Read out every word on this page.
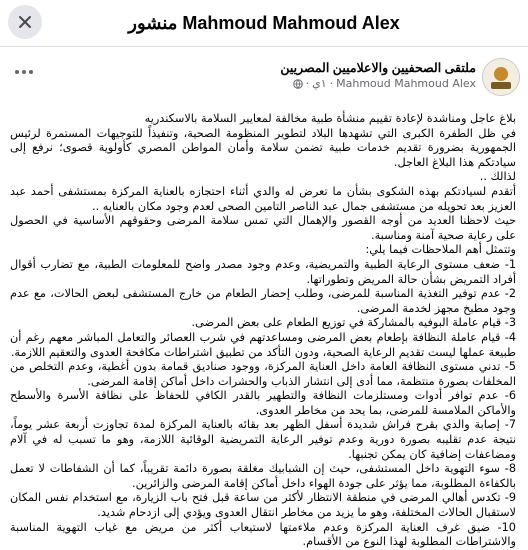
منشور Mahmoud Mahmoud Alex
ملتقى الصحفيين والاعلاميين المصريين
Mahmoud Mahmoud Alex
·
١ي
·

بلاغ عاجل ومناشدة لإعادة تقييم منشأة طبية مخالفة لمعايير السلامة بالاسكندريه

في ظل الطفرة الكبرى التي تشهدها البلاد لتطوير المنظومة الصحية، وتنفيذاً للتوجيهات المستمرة لرئيس الجمهورية بضرورة تقديم خدمات طبية تضمن سلامة وأمان المواطن المصري كأولوية قصوى؛ نرفع إلى سيادتكم هذا البلاغ العاجل.

لذالك ..

أتقدم لسيادتكم بهذه الشكوى بشأن ما تعرض له والدي أثناء احتجازه بالعناية المركزة بمستشفى أحمد عبد العزيز بعد تحويله من مستشفى جمال عبد الناصر التامين الصحى لعدم وجود مكان بالعنايه ..

حيث لاحظنا العديد من أوجه القصور والإهمال التي تمس سلامة المرضى وحقوقهم الأساسية في الحصول على رعاية صحية آمنة ومناسبة.

وتتمثل أهم الملاحظات فيما يلي:

1- ضعف مستوى الرعاية الطبية والتمريضية، وعدم وجود مصدر واضح للمعلومات الطبية، مع تضارب أقوال أفراد التمريض بشأن حالة المريض وتطوراتها.

2- عدم توفير التغذية المناسبة للمرضى، وطلب إحضار الطعام من خارج المستشفى لبعض الحالات، مع عدم وجود مطبخ مجهز لخدمة المرضى.

3- قيام عاملة البوفيه بالمشاركة في توزيع الطعام على بعض المرضى.

4- قيام عاملة النظافة بإطعام بعض المرضى ومساعدتهم في شرب العصائر والتعامل المباشر معهم رغم أن طبيعة عملها ليست تقديم الرعاية الصحية، ودون التأكد من تطبيق اشتراطات مكافحة العدوى والتعقيم اللازمة.

5- تدني مستوى النظافة العامة داخل العناية المركزة، ووجود صناديق قمامة بدون أغطية، وعدم التخلص من المخلفات بصورة منتظمة، مما أدى إلى انتشار الذباب والحشرات داخل أماكن إقامة المرضى.

6- عدم توافر أدوات ومستلزمات النظافة والتطهير بالقدر الكافي للحفاظ على نظافة الأسرة والأسطح والأماكن الملامسة للمرضى، بما يحد من مخاطر العدوى.

7- إصابة والدي بقرح فراش شديدة أسفل الظهر بعد بقائه بالعناية المركزة لمدة تجاوزت أربعة عشر يوماً، نتيجة عدم تقليبه بصورة دورية وعدم توفير الرعاية التمريضية الوقائية اللازمة، وهو ما تسبب له في آلام ومضاعفات إضافية كان يمكن تجنبها.

8- سوء التهوية داخل المستشفى، حيث إن الشبابيك مغلقة بصورة دائمة تقريباً، كما أن الشفاطات لا تعمل بالكفاءة المطلوبة، مما يؤثر على جودة الهواء داخل أماكن إقامة المرضى والزائرين.

9- تكدس أهالي المرضى في منطقة الانتظار لأكثر من ساعة قبل فتح باب الزيارة، مع استخدام نفس المكان لاستقبال الحالات المختلفة، وهو ما يزيد من مخاطر انتقال العدوى ويؤدي إلى ازدحام شديد.

10- ضيق غرف العناية المركزة وعدم ملاءمتها لاستيعاب أكثر من مريض مع غياب التهوية المناسبة والاشتراطات المطلوبة لهذا النوع من الأقسام.
